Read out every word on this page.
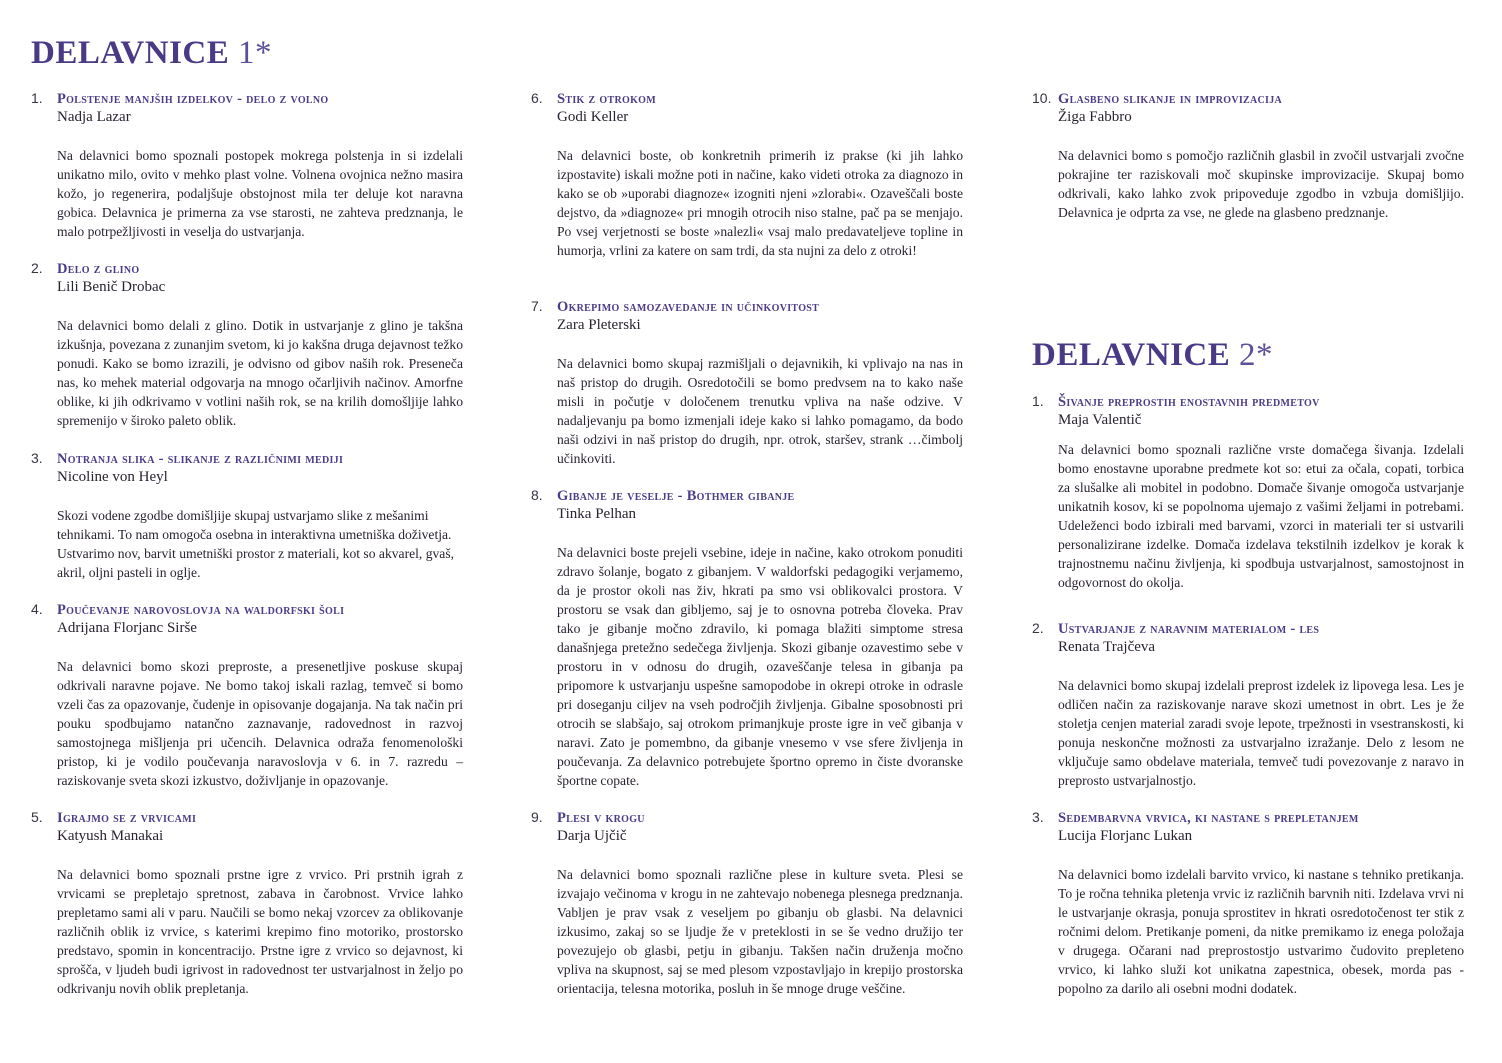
DELAVNICE 1*
1. Polstenje manjših izdelkov - delo z volno
Nadja Lazar
Na delavnici bomo spoznali postopek mokrega polstenja in si izdelali unikatno milo, ovito v mehko plast volne. Volnena ovojnica nežno masira kožo, jo regenerira, podaljšuje obstojnost mila ter deluje kot naravna gobica. Delavnica je primerna za vse starosti, ne zahteva predznanja, le malo potrpežljivosti in veselja do ustvarjanja.
2. Delo z glino
Lili Benič Drobac
Na delavnici bomo delali z glino. Dotik in ustvarjanje z glino je takšna izkušnja, povezana z zunanjim svetom, ki jo kakšna druga dejavnost težko ponudi. Kako se bomo izrazili, je odvisno od gibov naših rok. Preseneča nas, ko mehek material odgovarja na mnogo očarljivih načinov. Amorfne oblike, ki jih odkrivamo v votlini naših rok, se na krilih domošljije lahko spremenijo v široko paleto oblik.
3. Notranja slika - slikanje z različnimi mediji
Nicoline von Heyl
Skozi vodene zgodbe domišljije skupaj ustvarjamo slike z mešanimi tehnikami. To nam omogoča osebna in interaktivna umetniška doživetja. Ustvarimo nov, barvit umetniški prostor z materiali, kot so akvarel, gvaš, akril, oljni pasteli in oglje.
4. Poučevanje narovoslovja na waldorfski šoli
Adrijana Florjanc Sirše
Na delavnici bomo skozi preproste, a presenetljive poskuse skupaj odkrivali naravne pojave. Ne bomo takoj iskali razlag, temveč si bomo vzeli čas za opazovanje, čudenje in opisovanje dogajanja. Na tak način pri pouku spodbujamo natančno zaznavanje, radovednost in razvoj samostojnega mišljenja pri učencih. Delavnica odraža fenomenološki pristop, ki je vodilo poučevanja naravoslovja v 6. in 7. razredu – raziskovanje sveta skozi izkustvo, doživljanje in opazovanje.
5. Igrajmo se z vrvicami
Katyush Manakai
Na delavnici bomo spoznali prstne igre z vrvico. Pri prstnih igrah z vrvicami se prepletajo spretnost, zabava in čarobnost. Vrvice lahko prepletamo sami ali v paru. Naučili se bomo nekaj vzorcev za oblikovanje različnih oblik iz vrvice, s katerimi krepimo fino motoriko, prostorsko predstavo, spomin in koncentracijo. Prstne igre z vrvico so dejavnost, ki sprošča, v ljudeh budi igrivost in radovednost ter ustvarjalnost in željo po odkrivanju novih oblik prepletanja.
6. Stik z otrokom
Godi Keller
Na delavnici boste, ob konkretnih primerih iz prakse (ki jih lahko izpostavite) iskali možne poti in načine, kako videti otroka za diagnozo in kako se ob »uporabi diagnoze« izogniti njeni »zlorabi«. Ozaveščali boste dejstvo, da »diagnoze« pri mnogih otrocih niso stalne, pač pa se menjajo. Po vsej verjetnosti se boste »nalezli« vsaj malo predavateljeve topline in humorja, vrlini za katere on sam trdi, da sta nujni za delo z otroki!
7. Okrepimo samozavedanje in učinkovitost
Zara Pleterski
Na delavnici bomo skupaj razmišljali o dejavnikih, ki vplivajo na nas in naš pristop do drugih. Osredotočili se bomo predvsem na to kako naše misli in počutje v določenem trenutku vpliva na naše odzive. V nadaljevanju pa bomo izmenjali ideje kako si lahko pomagamo, da bodo naši odzivi in naš pristop do drugih, npr. otrok, staršev, strank …čimbolj učinkoviti.
8. Gibanje je veselje - Bothmer gibanje
Tinka Pelhan
Na delavnici boste prejeli vsebine, ideje in načine, kako otrokom ponuditi zdravo šolanje, bogato z gibanjem. V waldorfski pedagogiki verjamemo, da je prostor okoli nas živ, hkrati pa smo vsi oblikovalci prostora. V prostoru se vsak dan gibljemo, saj je to osnovna potreba človeka. Prav tako je gibanje močno zdravilo, ki pomaga blažiti simptome stresa današnjega pretežno sedečega življenja. Skozi gibanje ozavestimo sebe v prostoru in v odnosu do drugih, ozaveščanje telesa in gibanja pa pripomore k ustvarjanju uspešne samopodobe in okrepi otroke in odrasle pri doseganju ciljev na vseh področjih življenja. Gibalne sposobnosti pri otrocih se slabšajo, saj otrokom primanjkuje proste igre in več gibanja v naravi. Zato je pomembno, da gibanje vnesemo v vse sfere življenja in poučevanja. Za delavnico potrebujete športno opremo in čiste dvoranske športne copate.
9. Plesi v krogu
Darja Ujčič
Na delavnici bomo spoznali različne plese in kulture sveta. Plesi se izvajajo večinoma v krogu in ne zahtevajo nobenega plesnega predznanja. Vabljen je prav vsak z veseljem po gibanju ob glasbi. Na delavnici izkusimo, zakaj so se ljudje že v preteklosti in se še vedno družijo ter povezujejo ob glasbi, petju in gibanju. Takšen način druženja močno vpliva na skupnost, saj se med plesom vzpostavljajo in krepijo prostorska orientacija, telesna motorika, posluh in še mnoge druge veščine.
10. Glasbeno slikanje in improvizacija
Žiga Fabbro
Na delavnici bomo s pomočjo različnih glasbil in zvočil ustvarjali zvočne pokrajine ter raziskovali moč skupinske improvizacije. Skupaj bomo odkrivali, kako lahko zvok pripoveduje zgodbo in vzbuja domišljijo. Delavnica je odprta za vse, ne glede na glasbeno predznanje.
DELAVNICE 2*
1. Šivanje preprostih enostavnih predmetov
Maja Valentič
Na delavnici bomo spoznali različne vrste domačega šivanja. Izdelali bomo enostavne uporabne predmete kot so: etui za očala, copati, torbica za slušalke ali mobitel in podobno. Domače šivanje omogoča ustvarjanje unikatnih kosov, ki se popolnoma ujemajo z vašimi željami in potrebami. Udeleženci bodo izbirali med barvami, vzorci in materiali ter si ustvarili personalizirane izdelke. Domača izdelava tekstilnih izdelkov je korak k trajnostnemu načinu življenja, ki spodbuja ustvarjalnost, samostojnost in odgovornost do okolja.
2. Ustvarjanje z naravnim materialom - les
Renata Trajčeva
Na delavnici bomo skupaj izdelali preprost izdelek iz lipovega lesa. Les je odličen način za raziskovanje narave skozi umetnost in obrt. Les je že stoletja cenjen material zaradi svoje lepote, trpežnosti in vsestranskosti, ki ponuja neskončne možnosti za ustvarjalno izražanje. Delo z lesom ne vključuje samo obdelave materiala, temveč tudi povezovanje z naravo in preprosto ustvarjalnostjo.
3. Sedembarvna vrvica, ki nastane s prepletanjem
Lucija Florjanc Lukan
Na delavnici bomo izdelali barvito vrvico, ki nastane s tehniko pretikanja. To je ročna tehnika pletenja vrvic iz različnih barvnih niti. Izdelava vrvi ni le ustvarjanje okrasja, ponuja sprostitev in hkrati osredotočenost ter stik z ročnimi delom. Pretikanje pomeni, da nitke premikamo iz enega položaja v drugega. Očarani nad preprostostjo ustvarimo čudovito prepleteno vrvico, ki lahko služi kot unikatna zapestnica, obesek, morda pas - popolno za darilo ali osebni modni dodatek.
